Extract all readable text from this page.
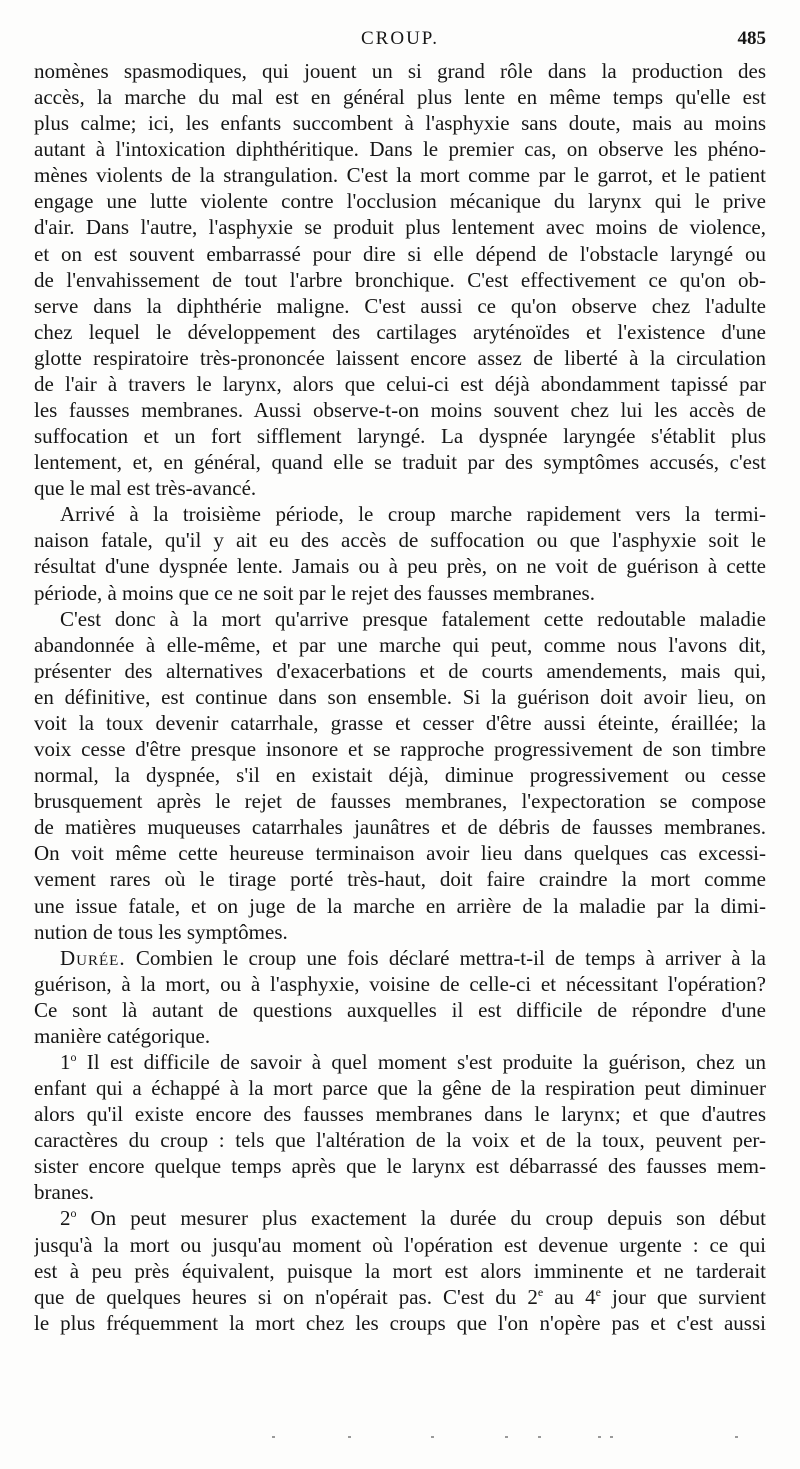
CROUP.	485
nomènes spasmodiques, qui jouent un si grand rôle dans la production des
accès, la marche du mal est en général plus lente en même temps qu'elle est
plus calme; ici, les enfants succombent à l'asphyxie sans doute, mais au moins
autant à l'intoxication diphthéritique. Dans le premier cas, on observe les phéno-
mènes violents de la strangulation. C'est la mort comme par le garrot, et le patient
engage une lutte violente contre l'occlusion mécanique du larynx qui le prive
d'air. Dans l'autre, l'asphyxie se produit plus lentement avec moins de violence,
et on est souvent embarrassé pour dire si elle dépend de l'obstacle laryngé ou
de l'envahissement de tout l'arbre bronchique. C'est effectivement ce qu'on ob-
serve dans la diphthérie maligne. C'est aussi ce qu'on observe chez l'adulte
chez lequel le développement des cartilages aryténoïdes et l'existence d'une
glotte respiratoire très-prononcée laissent encore assez de liberté à la circulation
de l'air à travers le larynx, alors que celui-ci est déjà abondamment tapissé par
les fausses membranes. Aussi observe-t-on moins souvent chez lui les accès de
suffocation et un fort sifflement laryngé. La dyspnée laryngée s'établit plus
lentement, et, en général, quand elle se traduit par des symptômes accusés, c'est
que le mal est très-avancé.
Arrivé à la troisième période, le croup marche rapidement vers la termi-
naison fatale, qu'il y ait eu des accès de suffocation ou que l'asphyxie soit le
résultat d'une dyspnée lente. Jamais ou à peu près, on ne voit de guérison à cette
période, à moins que ce ne soit par le rejet des fausses membranes.
C'est donc à la mort qu'arrive presque fatalement cette redoutable maladie
abandonnée à elle-même, et par une marche qui peut, comme nous l'avons dit,
présenter des alternatives d'exacerbations et de courts amendements, mais qui,
en définitive, est continue dans son ensemble. Si la guérison doit avoir lieu, on
voit la toux devenir catarrhale, grasse et cesser d'être aussi éteinte, éraillée; la
voix cesse d'être presque insonore et se rapproche progressivement de son timbre
normal, la dyspnée, s'il en existait déjà, diminue progressivement ou cesse
brusquement après le rejet de fausses membranes, l'expectoration se compose
de matières muqueuses catarrhales jaunâtres et de débris de fausses membranes.
On voit même cette heureuse terminaison avoir lieu dans quelques cas excessi-
vement rares où le tirage porté très-haut, doit faire craindre la mort comme
une issue fatale, et on juge de la marche en arrière de la maladie par la dimi-
nution de tous les symptômes.
Durée. Combien le croup une fois déclaré mettra-t-il de temps à arriver à la
guérison, à la mort, ou à l'asphyxie, voisine de celle-ci et nécessitant l'opération?
Ce sont là autant de questions auxquelles il est difficile de répondre d'une
manière catégorique.
1$^o$ Il est difficile de savoir à quel moment s'est produite la guérison, chez un
enfant qui a échappé à la mort parce que la gêne de la respiration peut diminuer
alors qu'il existe encore des fausses membranes dans le larynx; et que d'autres
caractères du croup : tels que l'altération de la voix et de la toux, peuvent per-
sister encore quelque temps après que le larynx est débarrassé des fausses mem-
branes.
2$^o$ On peut mesurer plus exactement la durée du croup depuis son début
jusqu'à la mort ou jusqu'au moment où l'opération est devenue urgente : ce qui
est à peu près équivalent, puisque la mort est alors imminente et ne tarderait
que de quelques heures si on n'opérait pas. C'est du 2e au 4e jour que survient
le plus fréquemment la mort chez les croups que l'on n'opère pas et c'est aussi
